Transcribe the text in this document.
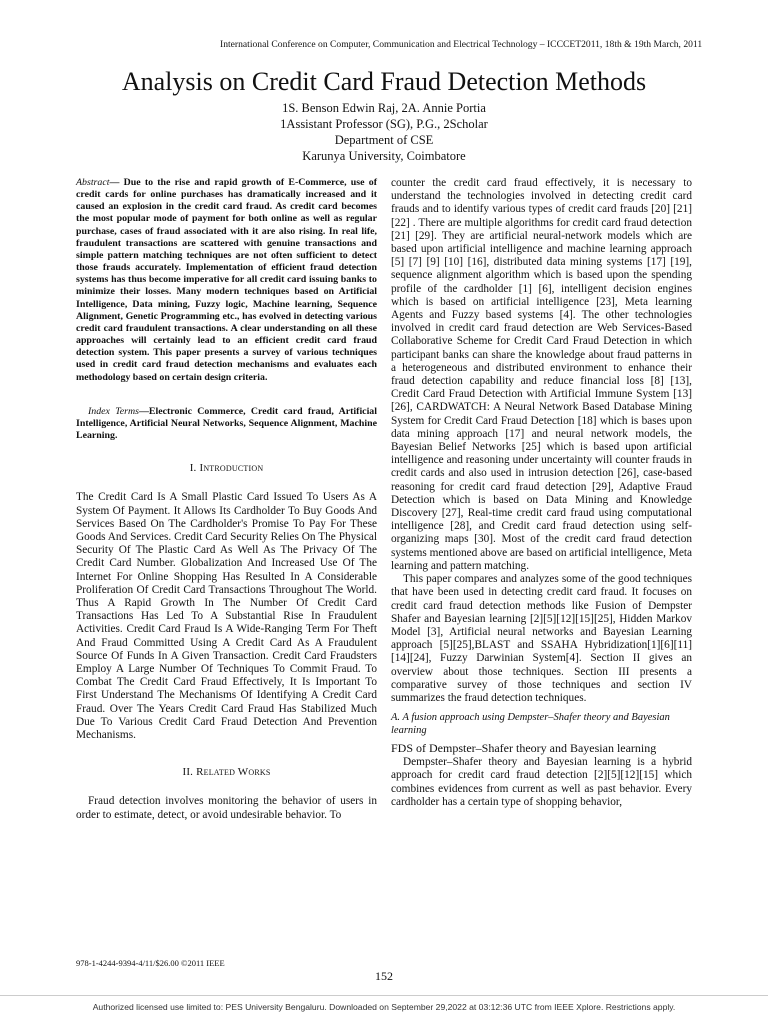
International Conference on Computer, Communication and Electrical Technology – ICCCET2011, 18th & 19th March, 2011
Analysis on Credit Card Fraud Detection Methods
1S. Benson Edwin Raj, 2A. Annie Portia
1Assistant Professor (SG), P.G., 2Scholar
Department of CSE
Karunya University, Coimbatore
Abstract— Due to the rise and rapid growth of E-Commerce, use of credit cards for online purchases has dramatically increased and it caused an explosion in the credit card fraud. As credit card becomes the most popular mode of payment for both online as well as regular purchase, cases of fraud associated with it are also rising. In real life, fraudulent transactions are scattered with genuine transactions and simple pattern matching techniques are not often sufficient to detect those frauds accurately. Implementation of efficient fraud detection systems has thus become imperative for all credit card issuing banks to minimize their losses. Many modern techniques based on Artificial Intelligence, Data mining, Fuzzy logic, Machine learning, Sequence Alignment, Genetic Programming etc., has evolved in detecting various credit card fraudulent transactions. A clear understanding on all these approaches will certainly lead to an efficient credit card fraud detection system. This paper presents a survey of various techniques used in credit card fraud detection mechanisms and evaluates each methodology based on certain design criteria.
Index Terms—Electronic Commerce, Credit card fraud, Artificial Intelligence, Artificial Neural Networks, Sequence Alignment, Machine Learning.
I. Introduction

The Credit Card Is A Small Plastic Card Issued To Users As A System Of Payment. It Allows Its Cardholder To Buy Goods And Services Based On The Cardholder's Promise To Pay For These Goods And Services. Credit Card Security Relies On The Physical Security Of The Plastic Card As Well As The Privacy Of The Credit Card Number. Globalization And Increased Use Of The Internet For Online Shopping Has Resulted In A Considerable Proliferation Of Credit Card Transactions Throughout The World. Thus A Rapid Growth In The Number Of Credit Card Transactions Has Led To A Substantial Rise In Fraudulent Activities. Credit Card Fraud Is A Wide-Ranging Term For Theft And Fraud Committed Using A Credit Card As A Fraudulent Source Of Funds In A Given Transaction. Credit Card Fraudsters Employ A Large Number Of Techniques To Commit Fraud. To Combat The Credit Card Fraud Effectively, It Is Important To First Understand The Mechanisms Of Identifying A Credit Card Fraud. Over The Years Credit Card Fraud Has Stabilized Much Due To Various Credit Card Fraud Detection And Prevention Mechanisms.

II. Related Works

Fraud detection involves monitoring the behavior of users in order to estimate, detect, or avoid undesirable behavior. To

counter the credit card fraud effectively, it is necessary to understand the technologies involved in detecting credit card frauds and to identify various types of credit card frauds [20] [21] [22] . There are multiple algorithms for credit card fraud detection [21] [29]. They are artificial neural-network models which are based upon artificial intelligence and machine learning approach [5] [7] [9] [10] [16], distributed data mining systems [17] [19], sequence alignment algorithm which is based upon the spending profile of the cardholder [1] [6], intelligent decision engines which is based on artificial intelligence [23], Meta learning Agents and Fuzzy based systems [4]. The other technologies involved in credit card fraud detection are Web Services-Based Collaborative Scheme for Credit Card Fraud Detection in which participant banks can share the knowledge about fraud patterns in a heterogeneous and distributed environment to enhance their fraud detection capability and reduce financial loss [8] [13], Credit Card Fraud Detection with Artificial Immune System [13] [26], CARDWATCH: A Neural Network Based Database Mining System for Credit Card Fraud Detection [18] which is bases upon data mining approach [17] and neural network models, the Bayesian Belief Networks [25] which is based upon artificial intelligence and reasoning under uncertainty will counter frauds in credit cards and also used in intrusion detection [26], case-based reasoning for credit card fraud detection [29], Adaptive Fraud Detection which is based on Data Mining and Knowledge Discovery [27], Real-time credit card fraud using computational intelligence [28], and Credit card fraud detection using self-organizing maps [30]. Most of the credit card fraud detection systems mentioned above are based on artificial intelligence, Meta learning and pattern matching.

This paper compares and analyzes some of the good techniques that have been used in detecting credit card fraud. It focuses on credit card fraud detection methods like Fusion of Dempster Shafer and Bayesian learning [2][5][12][15][25], Hidden Markov Model [3], Artificial neural networks and Bayesian Learning approach [5][25],BLAST and SSAHA Hybridization[1][6][11][14][24], Fuzzy Darwinian System[4]. Section II gives an overview about those techniques. Section III presents a comparative survey of those techniques and section IV summarizes the fraud detection techniques.

A. A fusion approach using Dempster–Shafer theory and Bayesian learning
FDS of Dempster–Shafer theory and Bayesian learning

Dempster–Shafer theory and Bayesian learning is a hybrid approach for credit card fraud detection [2][5][12][15] which combines evidences from current as well as past behavior. Every cardholder has a certain type of shopping behavior,

978-1-4244-9394-4/11/$26.00 ©2011 IEEE
152
Authorized licensed use limited to: PES University Bengaluru. Downloaded on September 29,2022 at 03:12:36 UTC from IEEE Xplore. Restrictions apply.
